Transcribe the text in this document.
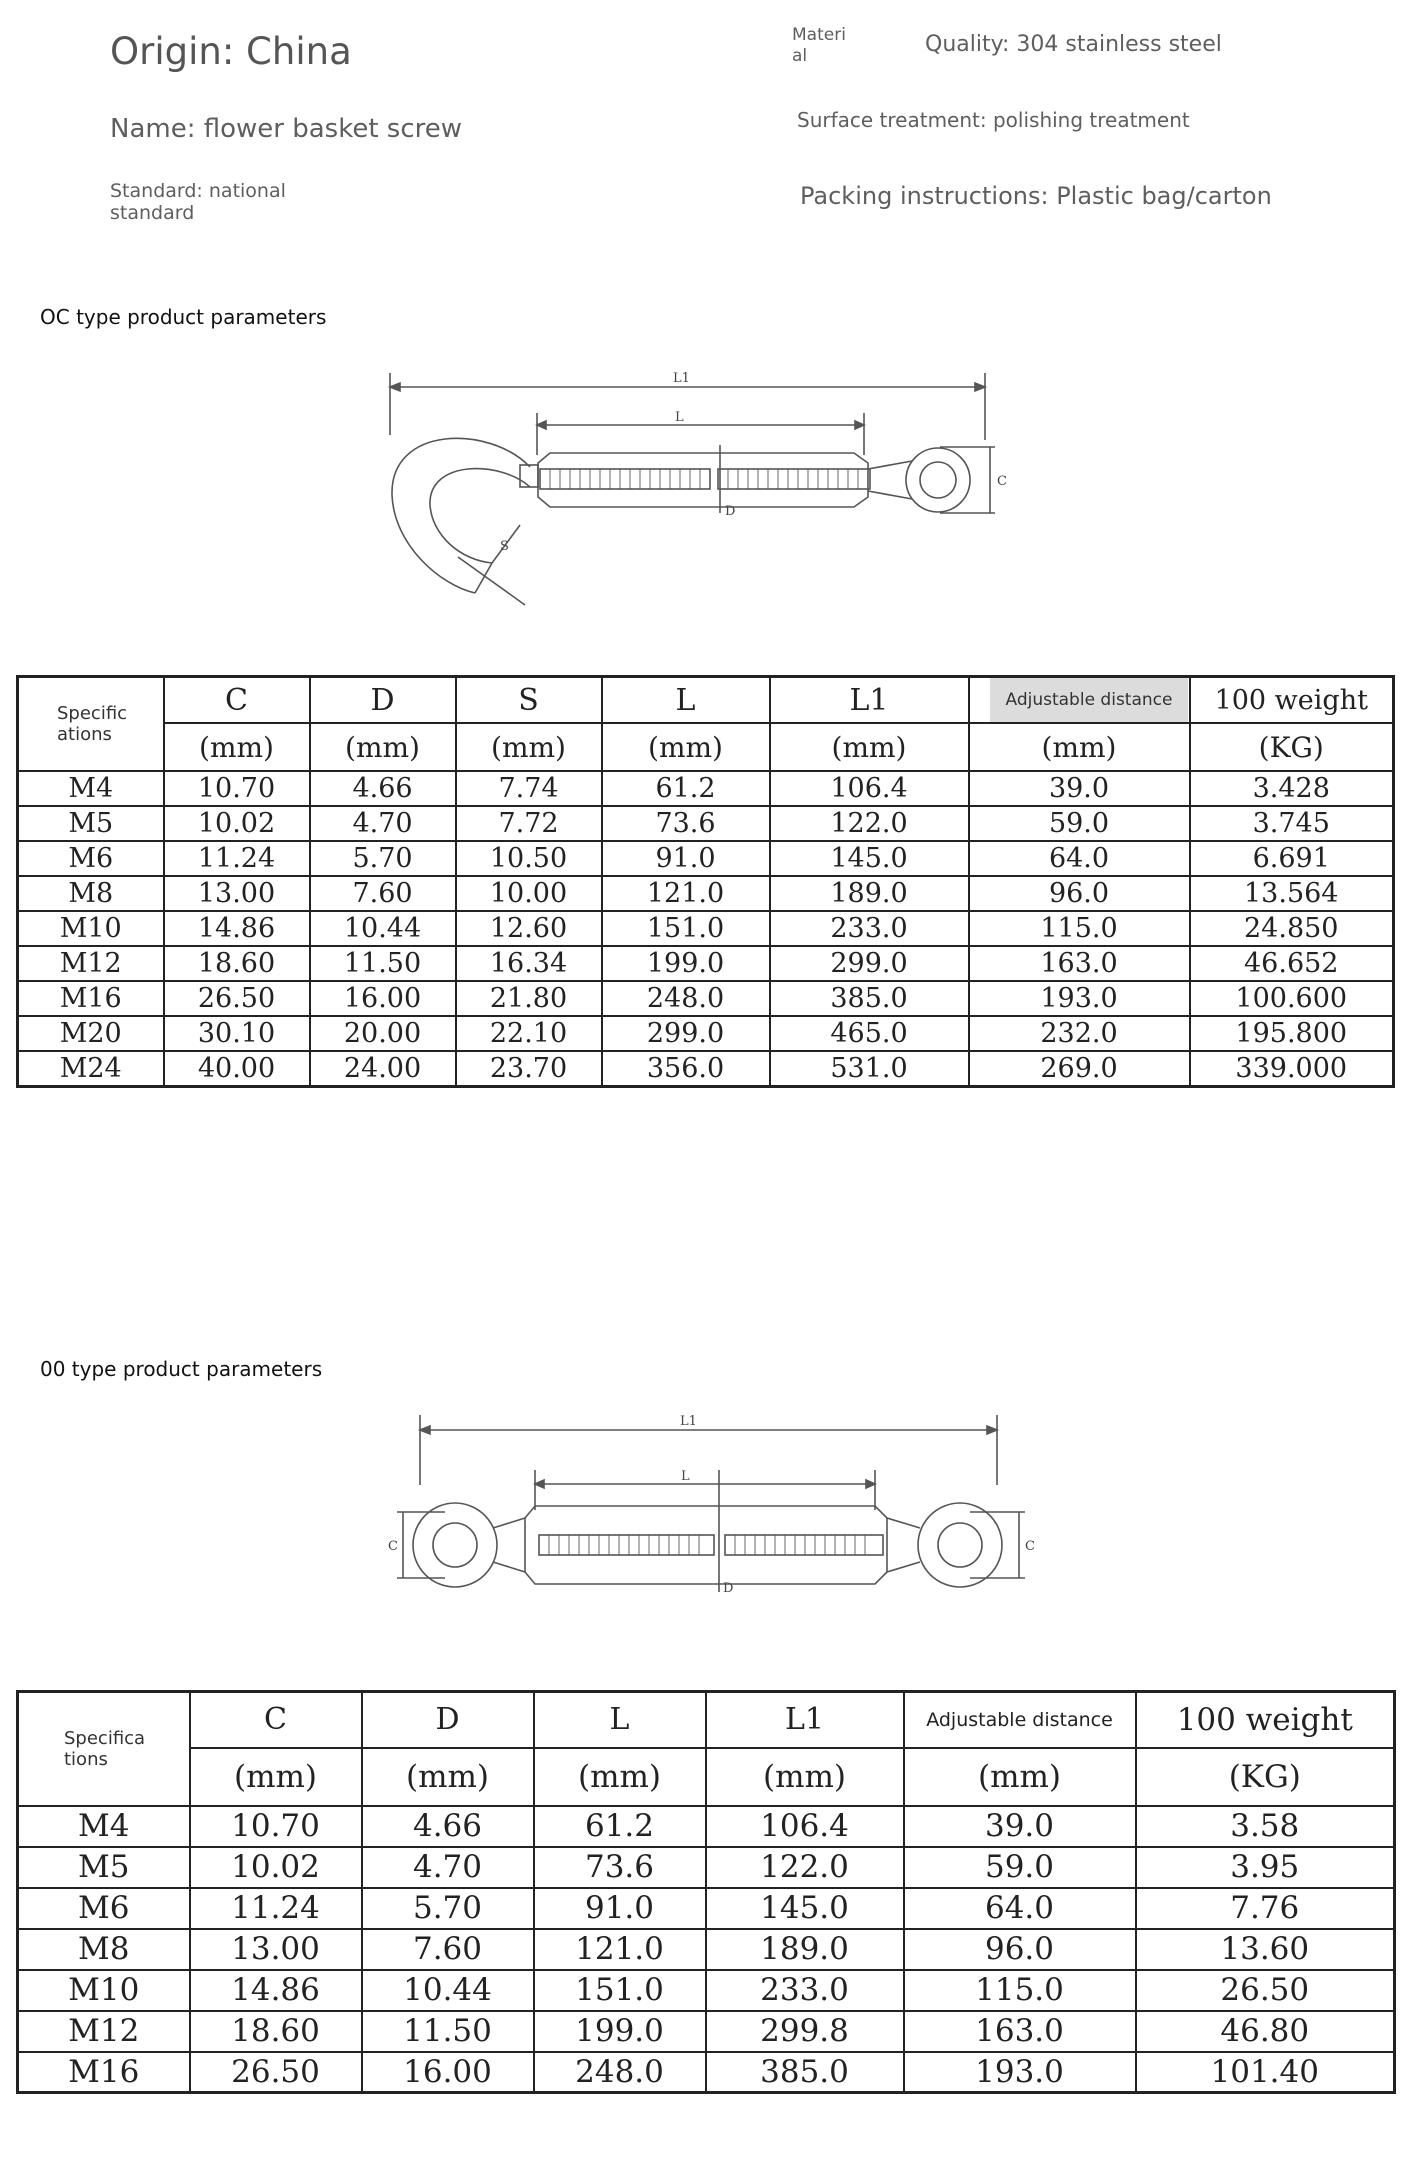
Origin: China
Name: flower basket screw
Standard: national
standard
Materi
al	Quality: 304 stainless steel
Surface treatment: polishing treatment
Packing instructions: Plastic bag/carton
OC type product parameters
L1
L
C
D
S
Specific
ations	C	D	S	L	L1	Adjustable distance	100 weight
	(mm)	(mm)	(mm)	(mm)	(mm)	(mm)	(KG)
M4	10.70	4.66	7.74	61.2	106.4	39.0	3.428
M5	10.02	4.70	7.72	73.6	122.0	59.0	3.745
M6	11.24	5.70	10.50	91.0	145.0	64.0	6.691
M8	13.00	7.60	10.00	121.0	189.0	96.0	13.564
M10	14.86	10.44	12.60	151.0	233.0	115.0	24.850
M12	18.60	11.50	16.34	199.0	299.0	163.0	46.652
M16	26.50	16.00	21.80	248.0	385.0	193.0	100.600
M20	30.10	20.00	22.10	299.0	465.0	232.0	195.800
M24	40.00	24.00	23.70	356.0	531.0	269.0	339.000
00 type product parameters
L1
L
C	C
D
Specifica
tions	C	D	L	L1	Adjustable distance	100 weight
	(mm)	(mm)	(mm)	(mm)	(mm)	(KG)
M4	10.70	4.66	61.2	106.4	39.0	3.58
M5	10.02	4.70	73.6	122.0	59.0	3.95
M6	11.24	5.70	91.0	145.0	64.0	7.76
M8	13.00	7.60	121.0	189.0	96.0	13.60
M10	14.86	10.44	151.0	233.0	115.0	26.50
M12	18.60	11.50	199.0	299.8	163.0	46.80
M16	26.50	16.00	248.0	385.0	193.0	101.40
